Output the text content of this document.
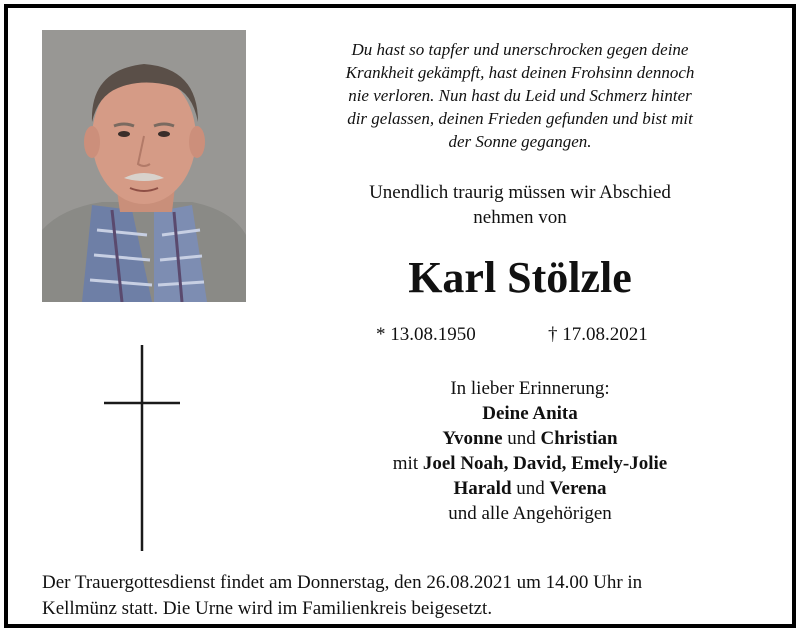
Du hast so tapfer und unerschrocken gegen deine
Krankheit gekämpft, hast deinen Frohsinn dennoch
nie verloren. Nun hast du Leid und Schmerz hinter
dir gelassen, deinen Frieden gefunden und bist mit
der Sonne gegangen.
Unendlich traurig müssen wir Abschied
nehmen von
Karl Stölzle
* 13.08.1950	† 17.08.2021
In lieber Erinnerung:
Deine Anita
Yvonne und Christian
mit Joel Noah, David, Emely-Jolie
Harald und Verena
und alle Angehörigen
Der Trauergottesdienst findet am Donnerstag, den 26.08.2021 um 14.00 Uhr in
Kellmünz statt. Die Urne wird im Familienkreis beigesetzt.
